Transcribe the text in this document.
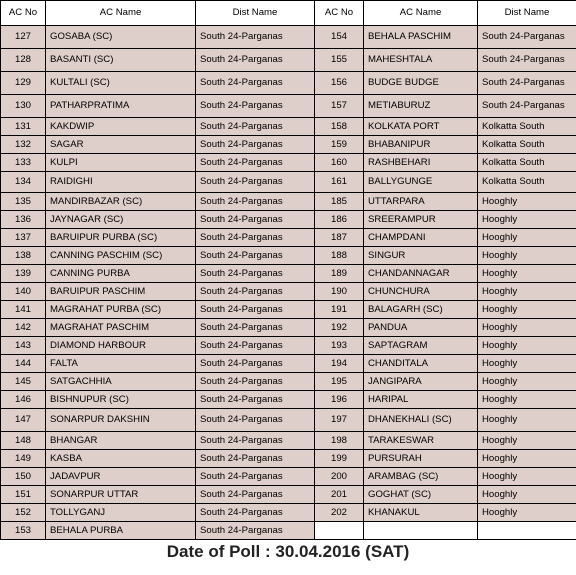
AC No	AC Name	Dist Name	AC No	AC Name	Dist Name
127	GOSABA (SC)	South 24-Parganas	154	BEHALA PASCHIM	South 24-Parganas
128	BASANTI (SC)	South 24-Parganas	155	MAHESHTALA	South 24-Parganas
129	KULTALI (SC)	South 24-Parganas	156	BUDGE BUDGE	South 24-Parganas
130	PATHARPRATIMA	South 24-Parganas	157	METIABURUZ	South 24-Parganas
131	KAKDWIP	South 24-Parganas	158	KOLKATA PORT	Kolkatta South
132	SAGAR	South 24-Parganas	159	BHABANIPUR	Kolkatta South
133	KULPI	South 24-Parganas	160	RASHBEHARI	Kolkatta South
134	RAIDIGHI	South 24-Parganas	161	BALLYGUNGE	Kolkatta South
135	MANDIRBAZAR (SC)	South 24-Parganas	185	UTTARPARA	Hooghly
136	JAYNAGAR (SC)	South 24-Parganas	186	SREERAMPUR	Hooghly
137	BARUIPUR PURBA (SC)	South 24-Parganas	187	CHAMPDANI	Hooghly
138	CANNING PASCHIM (SC)	South 24-Parganas	188	SINGUR	Hooghly
139	CANNING PURBA	South 24-Parganas	189	CHANDANNAGAR	Hooghly
140	BARUIPUR PASCHIM	South 24-Parganas	190	CHUNCHURA	Hooghly
141	MAGRAHAT PURBA (SC)	South 24-Parganas	191	BALAGARH (SC)	Hooghly
142	MAGRAHAT PASCHIM	South 24-Parganas	192	PANDUA	Hooghly
143	DIAMOND HARBOUR	South 24-Parganas	193	SAPTAGRAM	Hooghly
144	FALTA	South 24-Parganas	194	CHANDITALA	Hooghly
145	SATGACHHIA	South 24-Parganas	195	JANGIPARA	Hooghly
146	BISHNUPUR (SC)	South 24-Parganas	196	HARIPAL	Hooghly
147	SONARPUR DAKSHIN	South 24-Parganas	197	DHANEKHALI (SC)	Hooghly
148	BHANGAR	South 24-Parganas	198	TARAKESWAR	Hooghly
149	KASBA	South 24-Parganas	199	PURSURAH	Hooghly
150	JADAVPUR	South 24-Parganas	200	ARAMBAG (SC)	Hooghly
151	SONARPUR UTTAR	South 24-Parganas	201	GOGHAT (SC)	Hooghly
152	TOLLYGANJ	South 24-Parganas	202	KHANAKUL	Hooghly
153	BEHALA PURBA	South 24-Parganas			
Date of Poll : 30.04.2016 (SAT)
